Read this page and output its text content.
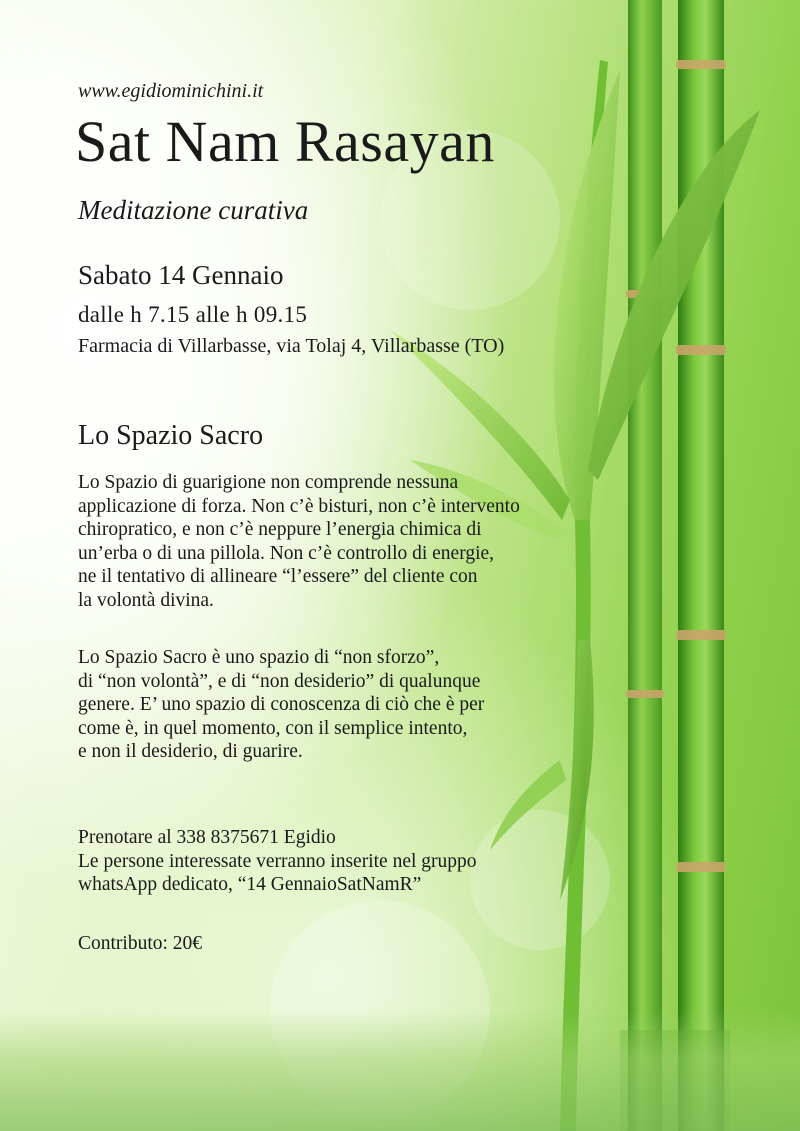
www.egidiominichini.it

Sat Nam Rasayan

Meditazione curativa

Sabato 14 Gennaio

dalle h 7.15 alle h 09.15

Farmacia di Villarbasse, via Tolaj 4, Villarbasse (TO)

Lo Spazio Sacro

Lo Spazio di guarigione non comprende nessuna
applicazione di forza. Non c’è bisturi, non c’è intervento
chiropratico, e non c’è neppure l’energia chimica di
un’erba o di una pillola. Non c’è controllo di energie,
ne il tentativo di allineare “l’essere” del cliente con
la volontà divina.

Lo Spazio Sacro è uno spazio di “non sforzo”,
di “non volontà”, e di “non desiderio” di qualunque
genere. E’ uno spazio di conoscenza di ciò che è per
come è, in quel momento, con il semplice intento,
e non il desiderio, di guarire.

Prenotare al 338 8375671 Egidio
Le persone interessate verranno inserite nel gruppo
whatsApp dedicato, “14 GennaioSatNamR”

Contributo: 20€
